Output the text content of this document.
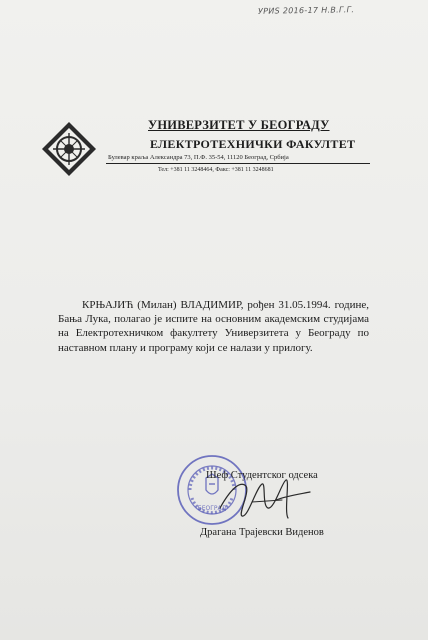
УРИS 2016-17 Н.В.Г.Г.
УНИВЕРЗИТЕТ У БЕОГРАДУ
ЕЛЕКТРОТЕХНИЧКИ ФАКУЛТЕТ
Булевар краља Александра 73, П.Ф. 35-54, 11120 Београд, Србија
Тел: +381 11 3248464, Факс: +381 11 3248681

КРЊАЈИЋ (Милан) ВЛАДИМИР, рођен 31.05.1994. године, Бања Лука, полагао је испите на основним академским студијама на Електротехничком факултету Универзитета у Београду по наставном плану и програму који се налази у прилогу.

БЕОГРАД
Шеф Студентског одсека
Драгана Трајевски Виденов
